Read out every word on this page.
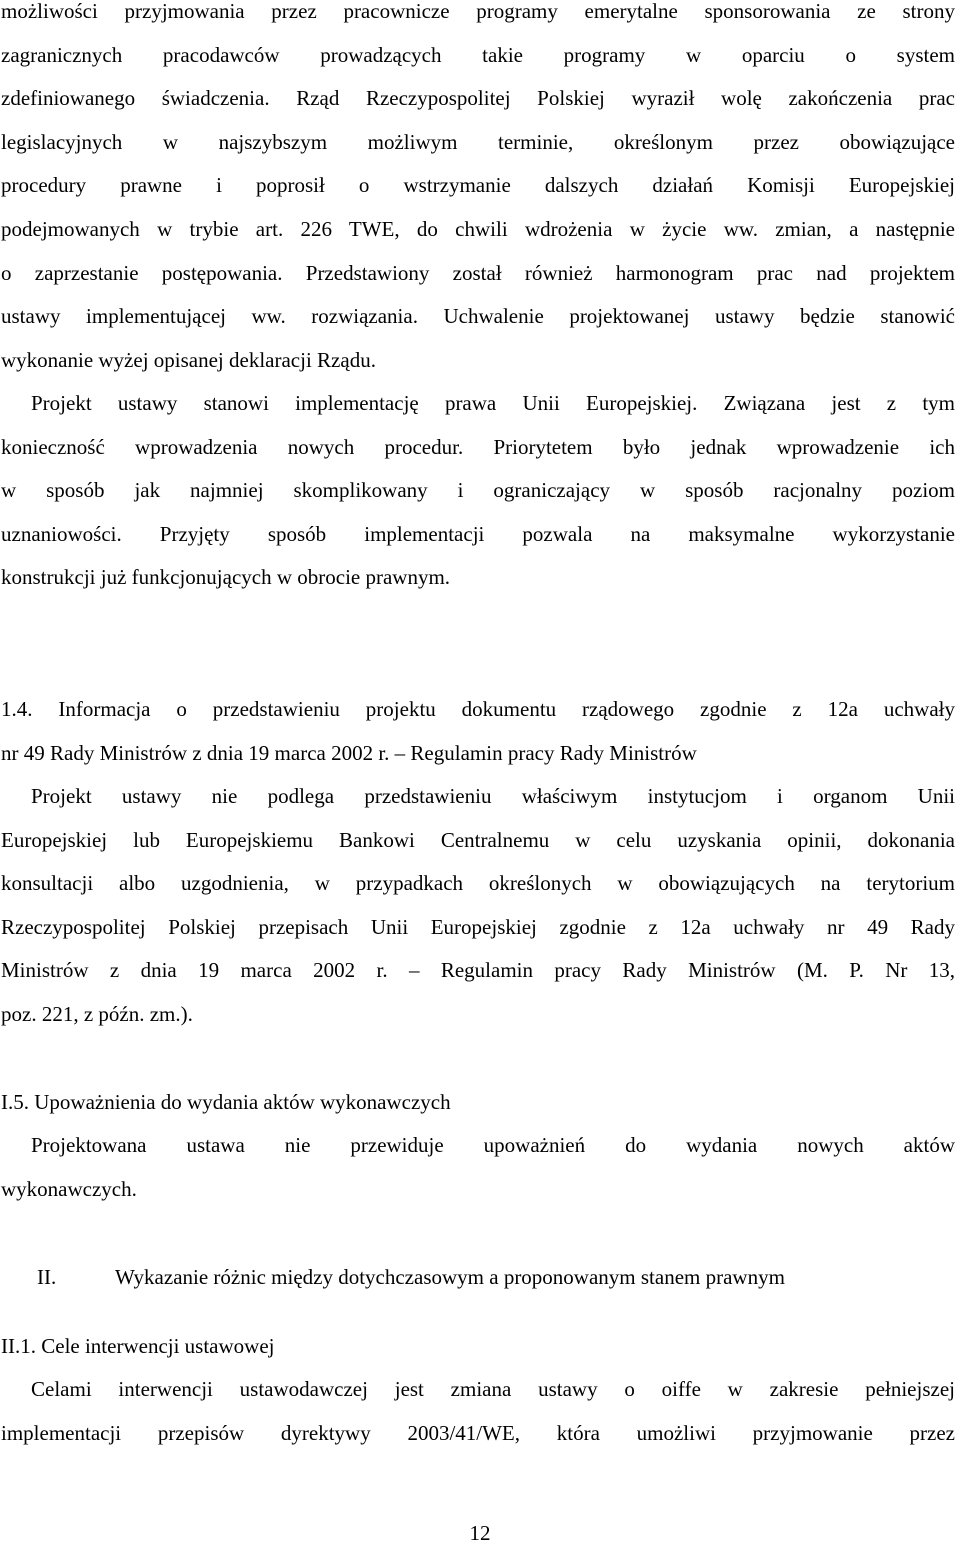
możliwości przyjmowania przez pracownicze programy emerytalne sponsorowania ze strony
zagranicznych pracodawców prowadzących takie programy w oparciu o system
zdefiniowanego świadczenia. Rząd Rzeczypospolitej Polskiej wyraził wolę zakończenia prac
legislacyjnych w najszybszym możliwym terminie, określonym przez obowiązujące
procedury prawne i poprosił o wstrzymanie dalszych działań Komisji Europejskiej
podejmowanych w trybie art. 226 TWE, do chwili wdrożenia w życie ww. zmian, a następnie
o zaprzestanie postępowania. Przedstawiony został również harmonogram prac nad projektem
ustawy implementującej ww. rozwiązania. Uchwalenie projektowanej ustawy będzie stanowić
wykonanie wyżej opisanej deklaracji Rządu.
Projekt ustawy stanowi implementację prawa Unii Europejskiej. Związana jest z tym
konieczność wprowadzenia nowych procedur. Priorytetem było jednak wprowadzenie ich
w sposób jak najmniej skomplikowany i ograniczający w sposób racjonalny poziom
uznaniowości. Przyjęty sposób implementacji pozwala na maksymalne wykorzystanie
konstrukcji już funkcjonujących w obrocie prawnym.
1.4. Informacja o przedstawieniu projektu dokumentu rządowego zgodnie z 12a uchwały
nr 49 Rady Ministrów z dnia 19 marca 2002 r. – Regulamin pracy Rady Ministrów
Projekt ustawy nie podlega przedstawieniu właściwym instytucjom i organom Unii
Europejskiej lub Europejskiemu Bankowi Centralnemu w celu uzyskania opinii, dokonania
konsultacji albo uzgodnienia, w przypadkach określonych w obowiązujących na terytorium
Rzeczypospolitej Polskiej przepisach Unii Europejskiej zgodnie z 12a uchwały nr 49 Rady
Ministrów z dnia 19 marca 2002 r. – Regulamin pracy Rady Ministrów (M. P. Nr 13,
poz. 221, z późn. zm.).
I.5. Upoważnienia do wydania aktów wykonawczych
Projektowana ustawa nie przewiduje upoważnień do wydania nowych aktów
wykonawczych.
II.	Wykazanie różnic między dotychczasowym a proponowanym stanem prawnym
II.1. Cele interwencji ustawowej
Celami interwencji ustawodawczej jest zmiana ustawy o oiffe w zakresie pełniejszej
implementacji przepisów dyrektywy 2003/41/WE, która umożliwi przyjmowanie przez
12
